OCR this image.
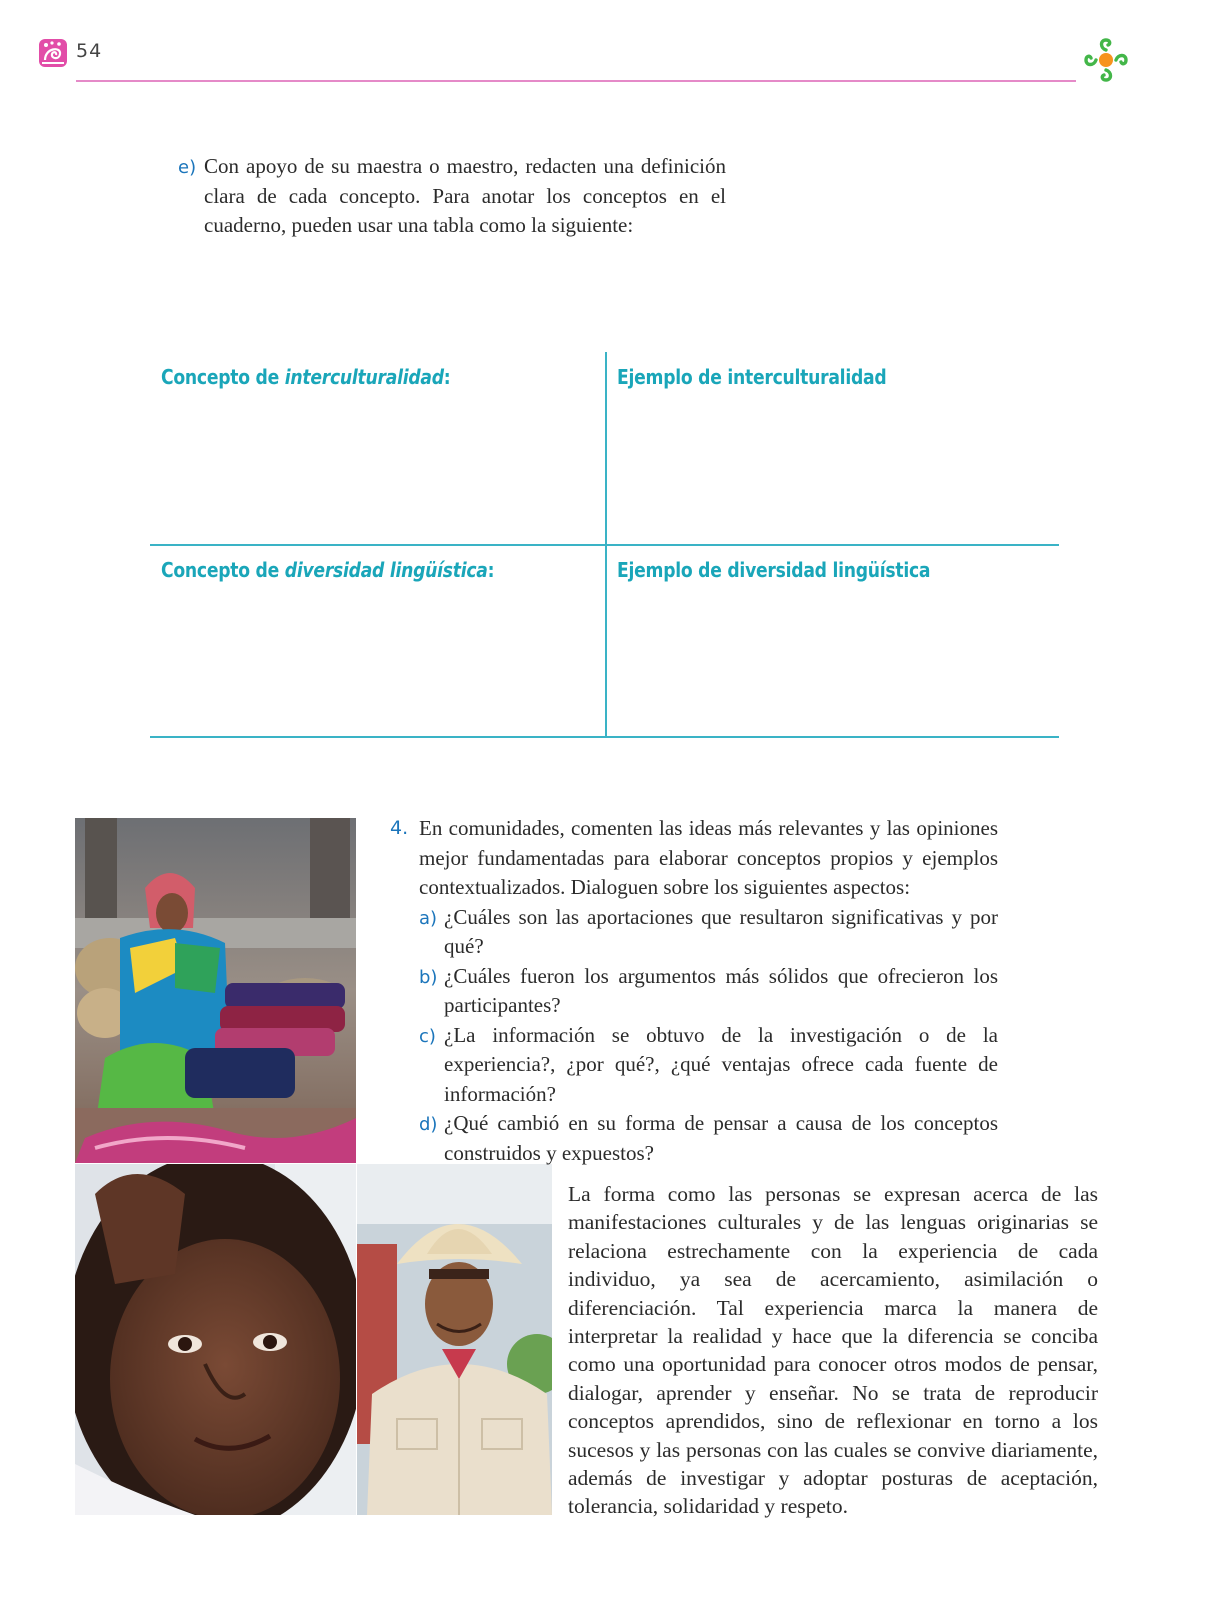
54
e) Con apoyo de su maestra o maestro, redacten una definición clara de cada concepto. Para anotar los conceptos en el cuaderno, pueden usar una tabla como la siguiente:
Concepto de interculturalidad:	Ejemplo de interculturalidad
Concepto de diversidad lingüística:	Ejemplo de diversidad lingüística
4. En comunidades, comenten las ideas más relevantes y las opiniones mejor fundamentadas para elaborar conceptos propios y ejemplos contextualizados. Dialoguen sobre los siguientes aspectos:
a) ¿Cuáles son las aportaciones que resultaron significativas y por qué?
b) ¿Cuáles fueron los argumentos más sólidos que ofrecieron los participantes?
c) ¿La información se obtuvo de la investigación o de la experiencia?, ¿por qué?, ¿qué ventajas ofrece cada fuente de información?
d) ¿Qué cambió en su forma de pensar a causa de los conceptos construidos y expuestos?
La forma como las personas se expresan acerca de las manifestaciones culturales y de las lenguas originarias se relaciona estrechamente con la experiencia de cada individuo, ya sea de acercamiento, asimilación o diferenciación. Tal experiencia marca la manera de interpretar la realidad y hace que la diferencia se conciba como una oportunidad para conocer otros modos de pensar, dialogar, aprender y enseñar. No se trata de reproducir conceptos aprendidos, sino de reflexionar en torno a los sucesos y las personas con las cuales se convive diariamente, además de investigar y adoptar posturas de aceptación, tolerancia, solidaridad y respeto.
